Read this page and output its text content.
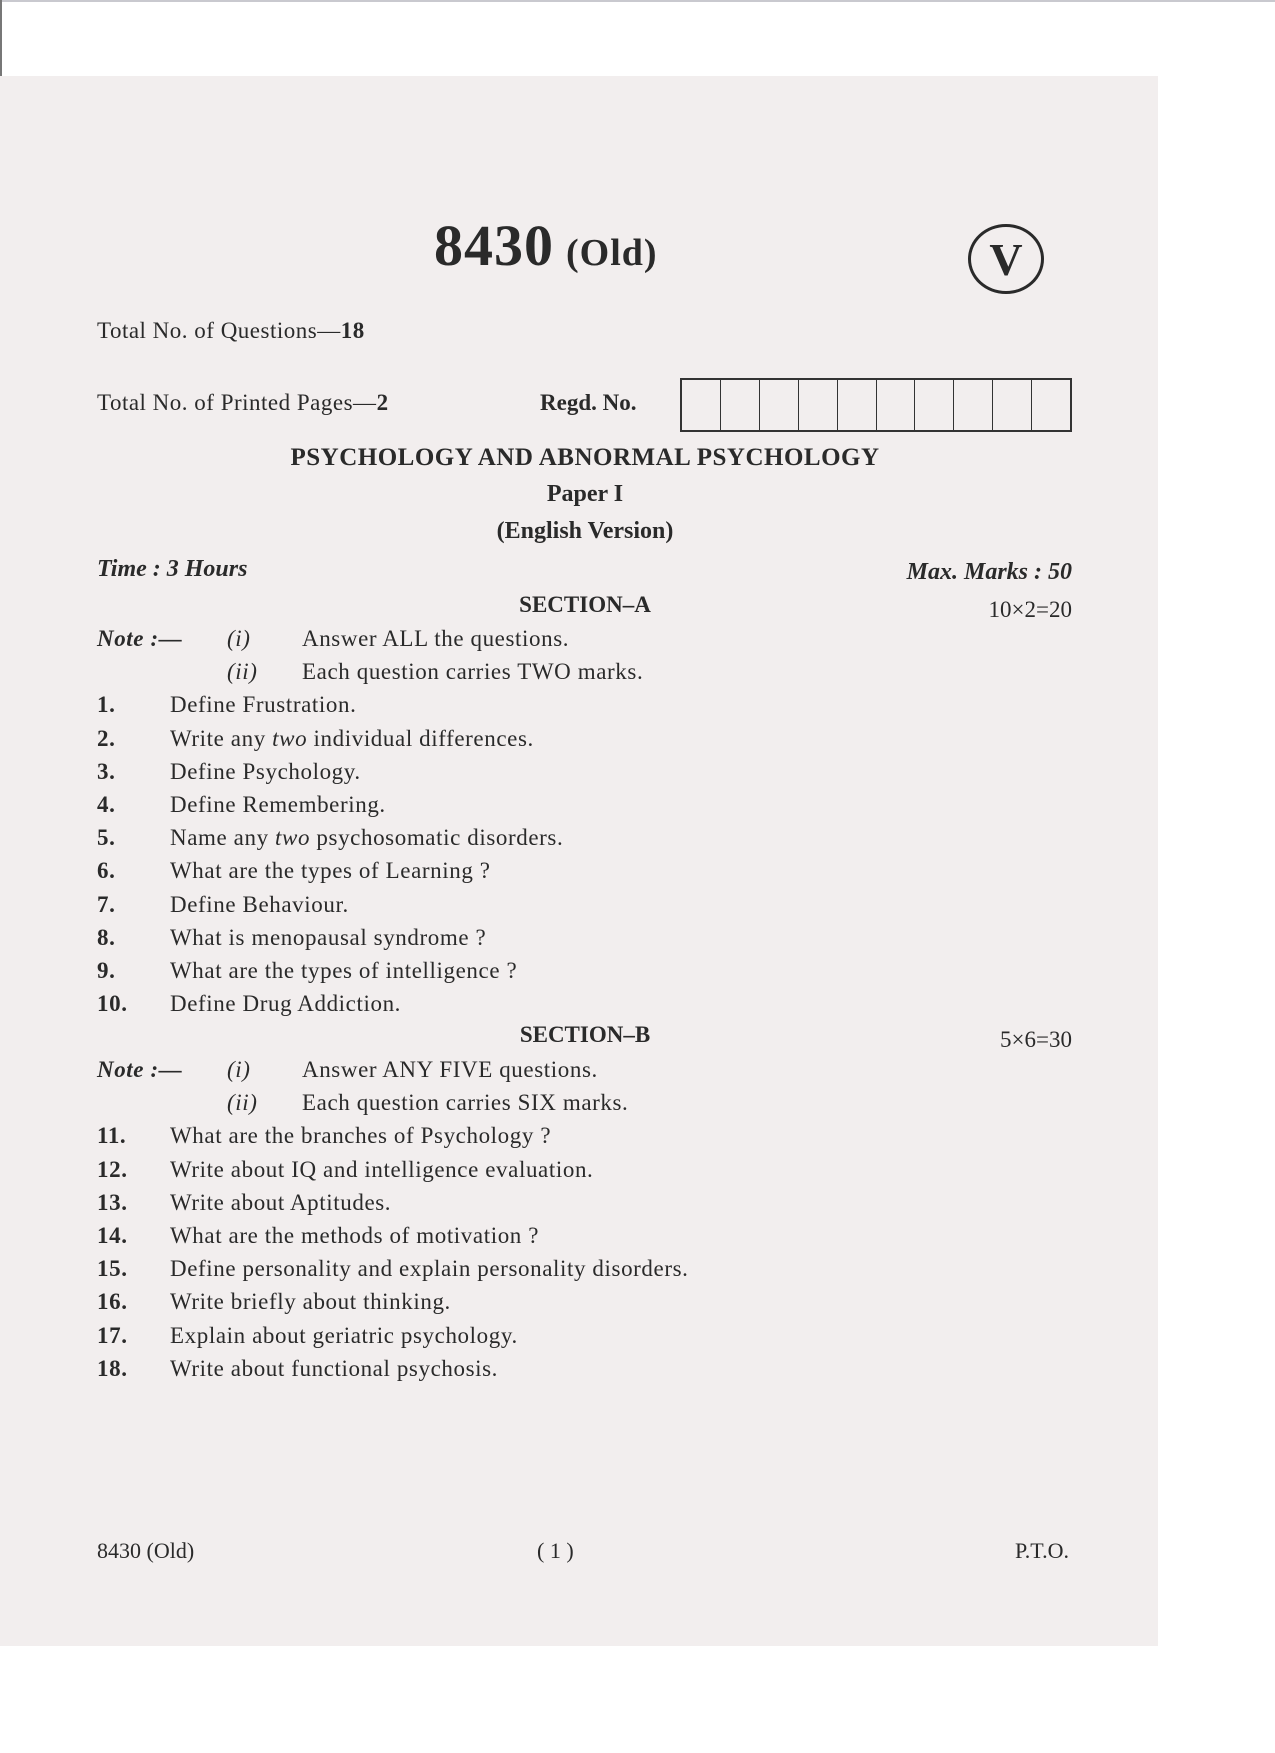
8430 (Old)	V
Total No. of Questions—18
Total No. of Printed Pages—2	Regd. No.
PSYCHOLOGY AND ABNORMAL PSYCHOLOGY
Paper I
(English Version)
Time : 3 Hours	Max. Marks : 50
SECTION–A	10×2=20
Note :— (i) Answer ALL the questions.
(ii) Each question carries TWO marks.
1.	Define Frustration.
2.	Write any two individual differences.
3.	Define Psychology.
4.	Define Remembering.
5.	Name any two psychosomatic disorders.
6.	What are the types of Learning ?
7.	Define Behaviour.
8.	What is menopausal syndrome ?
9.	What are the types of intelligence ?
10.	Define Drug Addiction.
SECTION–B	5×6=30
Note :— (i) Answer ANY FIVE questions.
(ii) Each question carries SIX marks.
11.	What are the branches of Psychology ?
12.	Write about IQ and intelligence evaluation.
13.	Write about Aptitudes.
14.	What are the methods of motivation ?
15.	Define personality and explain personality disorders.
16.	Write briefly about thinking.
17.	Explain about geriatric psychology.
18.	Write about functional psychosis.
8430 (Old)	( 1 )	P.T.O.
